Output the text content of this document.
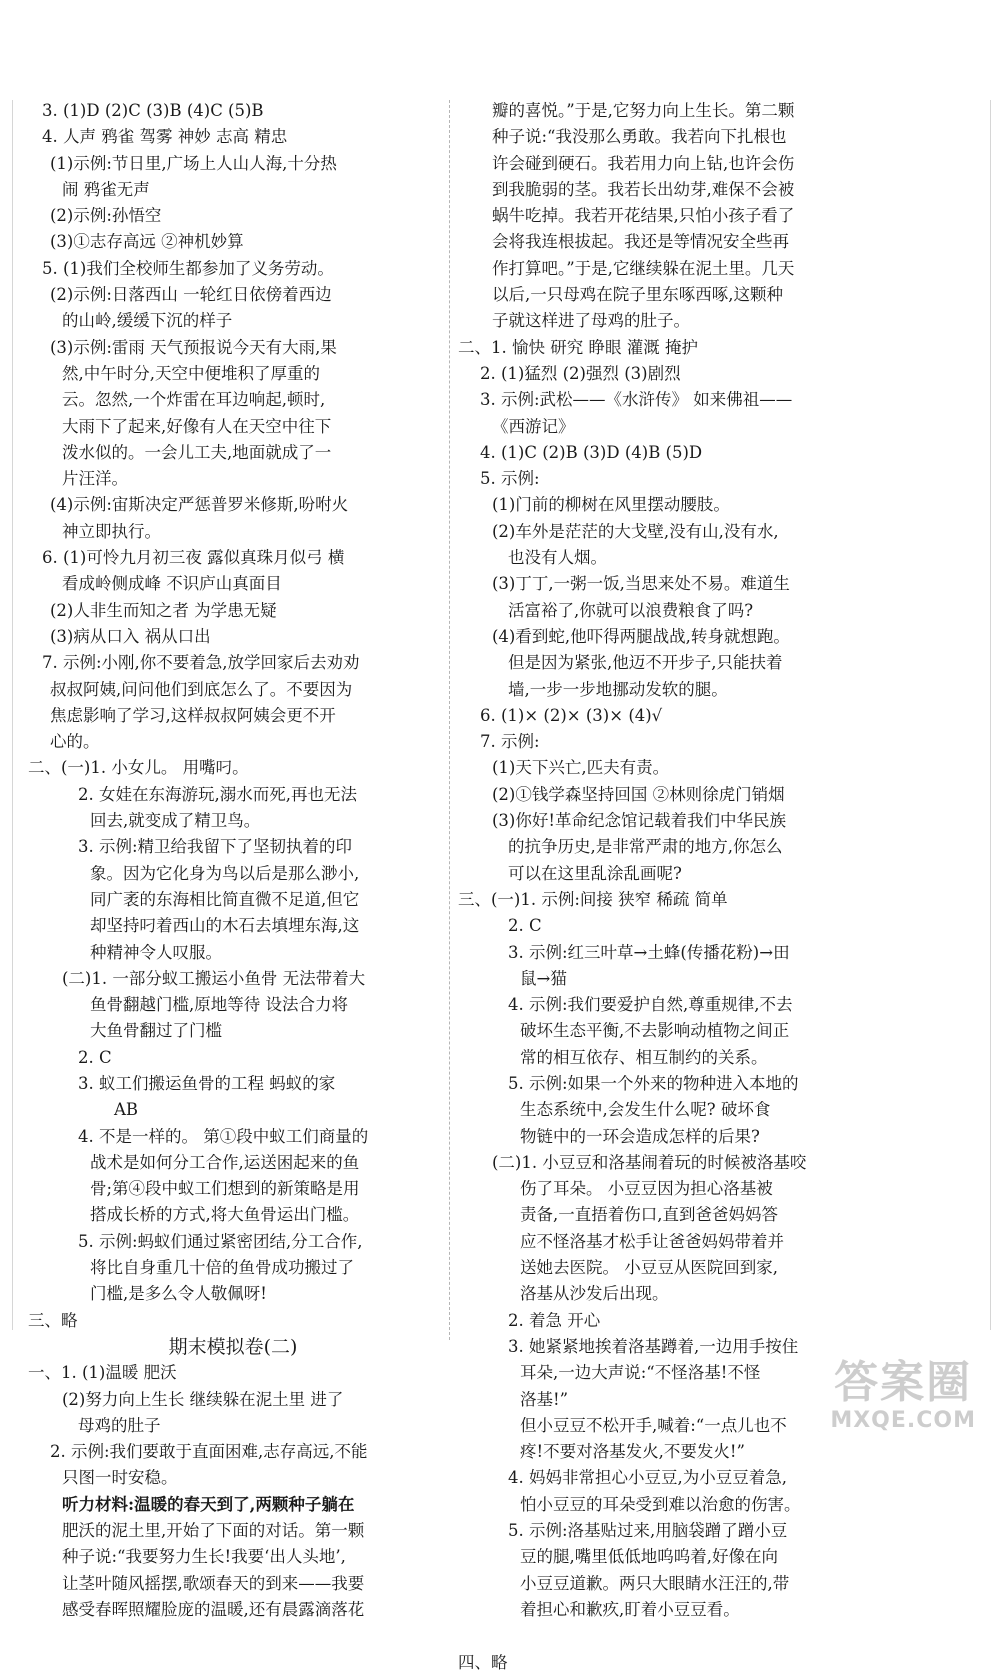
3. (1)D (2)C (3)B (4)C (5)B
4. 人声 鸦雀 驾雾 神妙 志高 精忠
(1)示例:节日里,广场上人山人海,十分热
闹 鸦雀无声
(2)示例:孙悟空
(3)①志存高远 ②神机妙算
5. (1)我们全校师生都参加了义务劳动。
(2)示例:日落西山 一轮红日依傍着西边
的山岭,缓缓下沉的样子
(3)示例:雷雨 天气预报说今天有大雨,果
然,中午时分,天空中便堆积了厚重的
云。忽然,一个炸雷在耳边响起,顿时,
大雨下了起来,好像有人在天空中往下
泼水似的。一会儿工夫,地面就成了一
片汪洋。
(4)示例:宙斯决定严惩普罗米修斯,吩咐火
神立即执行。
6. (1)可怜九月初三夜 露似真珠月似弓 横
看成岭侧成峰 不识庐山真面目
(2)人非生而知之者 为学患无疑
(3)病从口入 祸从口出
7. 示例:小刚,你不要着急,放学回家后去劝劝
叔叔阿姨,问问他们到底怎么了。不要因为
焦虑影响了学习,这样叔叔阿姨会更不开
心的。
二、(一)1. 小女儿。 用嘴叼。
2. 女娃在东海游玩,溺水而死,再也无法
回去,就变成了精卫鸟。
3. 示例:精卫给我留下了坚韧执着的印
象。因为它化身为鸟以后是那么渺小,
同广袤的东海相比简直微不足道,但它
却坚持叼着西山的木石去填埋东海,这
种精神令人叹服。
(二)1. 一部分蚁工搬运小鱼骨 无法带着大
鱼骨翻越门槛,原地等待 设法合力将
大鱼骨翻过了门槛
2. C
3. 蚁工们搬运鱼骨的工程 蚂蚁的家
AB
4. 不是一样的。 第①段中蚁工们商量的
战术是如何分工合作,运送困起来的鱼
骨;第④段中蚁工们想到的新策略是用
搭成长桥的方式,将大鱼骨运出门槛。
5. 示例:蚂蚁们通过紧密团结,分工合作,
将比自身重几十倍的鱼骨成功搬过了
门槛,是多么令人敬佩呀!
三、略
期末模拟卷(二)
一、1. (1)温暖 肥沃
(2)努力向上生长 继续躲在泥土里 进了
母鸡的肚子
2. 示例:我们要敢于直面困难,志存高远,不能
只图一时安稳。
听力材料:温暖的春天到了,两颗种子躺在
肥沃的泥土里,开始了下面的对话。第一颗
种子说:“我要努力生长!我要‘出人头地’,
让茎叶随风摇摆,歌颂春天的到来——我要
感受春晖照耀脸庞的温暖,还有晨露滴落花
瓣的喜悦。”于是,它努力向上生长。第二颗
种子说:“我没那么勇敢。我若向下扎根也
许会碰到硬石。我若用力向上钻,也许会伤
到我脆弱的茎。我若长出幼芽,难保不会被
蜗牛吃掉。我若开花结果,只怕小孩子看了
会将我连根拔起。我还是等情况安全些再
作打算吧。”于是,它继续躲在泥土里。几天
以后,一只母鸡在院子里东啄西啄,这颗种
子就这样进了母鸡的肚子。
二、1. 愉快 研究 睁眼 灌溉 掩护
2. (1)猛烈 (2)强烈 (3)剧烈
3. 示例:武松——《水浒传》 如来佛祖——
《西游记》
4. (1)C (2)B (3)D (4)B (5)D
5. 示例:
(1)门前的柳树在风里摆动腰肢。
(2)车外是茫茫的大戈壁,没有山,没有水,
也没有人烟。
(3)丁丁,一粥一饭,当思来处不易。难道生
活富裕了,你就可以浪费粮食了吗?
(4)看到蛇,他吓得两腿战战,转身就想跑。
但是因为紧张,他迈不开步子,只能扶着
墙,一步一步地挪动发软的腿。
6. (1)× (2)× (3)× (4)√
7. 示例:
(1)天下兴亡,匹夫有责。
(2)①钱学森坚持回国 ②林则徐虎门销烟
(3)你好!革命纪念馆记载着我们中华民族
的抗争历史,是非常严肃的地方,你怎么
可以在这里乱涂乱画呢?
三、(一)1. 示例:间接 狭窄 稀疏 简单
2. C
3. 示例:红三叶草→土蜂(传播花粉)→田
鼠→猫
4. 示例:我们要爱护自然,尊重规律,不去
破坏生态平衡,不去影响动植物之间正
常的相互依存、相互制约的关系。
5. 示例:如果一个外来的物种进入本地的
生态系统中,会发生什么呢? 破坏食
物链中的一环会造成怎样的后果?
(二)1. 小豆豆和洛基闹着玩的时候被洛基咬
伤了耳朵。 小豆豆因为担心洛基被
责备,一直捂着伤口,直到爸爸妈妈答
应不怪洛基才松手让爸爸妈妈带着并
送她去医院。 小豆豆从医院回到家,
洛基从沙发后出现。
2. 着急 开心
3. 她紧紧地挨着洛基蹲着,一边用手按住
耳朵,一边大声说:“不怪洛基!不怪
洛基!”
但小豆豆不松开手,喊着:“一点儿也不
疼!不要对洛基发火,不要发火!”
4. 妈妈非常担心小豆豆,为小豆豆着急,
怕小豆豆的耳朵受到难以治愈的伤害。
5. 示例:洛基贴过来,用脑袋蹭了蹭小豆
豆的腿,嘴里低低地呜呜着,好像在向
小豆豆道歉。两只大眼睛水汪汪的,带
着担心和歉疚,盯着小豆豆看。
四、略
答案圈
MXQE.COM
